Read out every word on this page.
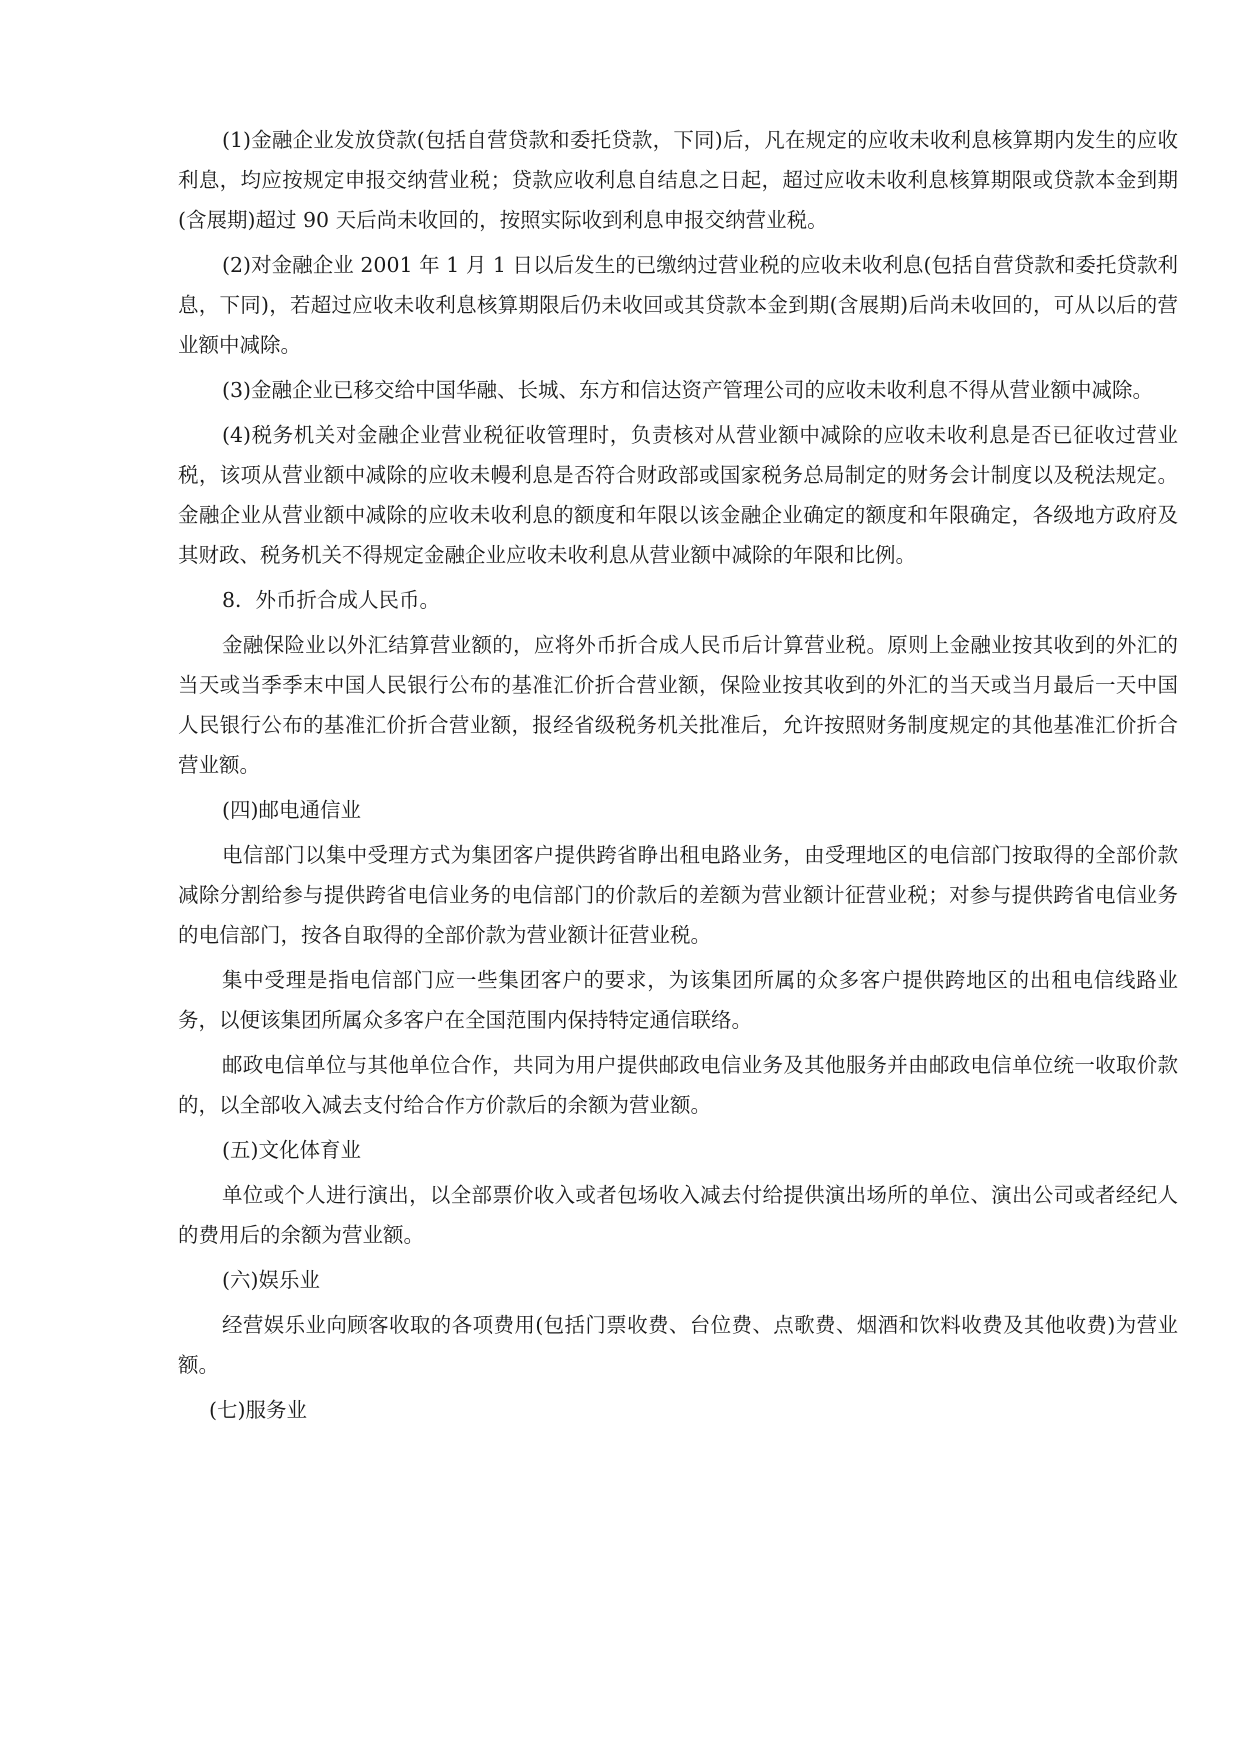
(1)金融企业发放贷款(包括自营贷款和委托贷款，下同)后，凡在规定的应收未收利息核算期内发生的应收利息，均应按规定申报交纳营业税；贷款应收利息自结息之日起，超过应收未收利息核算期限或贷款本金到期(含展期)超过 90 天后尚未收回的，按照实际收到利息申报交纳营业税。

(2)对金融企业 2001 年 1 月 1 日以后发生的已缴纳过营业税的应收未收利息(包括自营贷款和委托贷款利息，下同)，若超过应收未收利息核算期限后仍未收回或其贷款本金到期(含展期)后尚未收回的，可从以后的营业额中减除。

(3)金融企业已移交给中国华融、长城、东方和信达资产管理公司的应收未收利息不得从营业额中减除。

(4)税务机关对金融企业营业税征收管理时，负责核对从营业额中减除的应收未收利息是否已征收过营业税，该项从营业额中减除的应收未幔利息是否符合财政部或国家税务总局制定的财务会计制度以及税法规定。金融企业从营业额中减除的应收未收利息的额度和年限以该金融企业确定的额度和年限确定，各级地方政府及其财政、税务机关不得规定金融企业应收未收利息从营业额中减除的年限和比例。

8．外币折合成人民币。

金融保险业以外汇结算营业额的，应将外币折合成人民币后计算营业税。原则上金融业按其收到的外汇的当天或当季季末中国人民银行公布的基准汇价折合营业额，保险业按其收到的外汇的当天或当月最后一天中国人民银行公布的基准汇价折合营业额，报经省级税务机关批准后，允许按照财务制度规定的其他基准汇价折合营业额。

(四)邮电通信业

电信部门以集中受理方式为集团客户提供跨省睁出租电路业务，由受理地区的电信部门按取得的全部价款减除分割给参与提供跨省电信业务的电信部门的价款后的差额为营业额计征营业税；对参与提供跨省电信业务的电信部门，按各自取得的全部价款为营业额计征营业税。

集中受理是指电信部门应一些集团客户的要求，为该集团所属的众多客户提供跨地区的出租电信线路业务，以便该集团所属众多客户在全国范围内保持特定通信联络。

邮政电信单位与其他单位合作，共同为用户提供邮政电信业务及其他服务并由邮政电信单位统一收取价款的，以全部收入减去支付给合作方价款后的余额为营业额。

(五)文化体育业

单位或个人进行演出，以全部票价收入或者包场收入减去付给提供演出场所的单位、演出公司或者经纪人的费用后的余额为营业额。

(六)娱乐业

经营娱乐业向顾客收取的各项费用(包括门票收费、台位费、点歌费、烟酒和饮料收费及其他收费)为营业额。

(七)服务业
